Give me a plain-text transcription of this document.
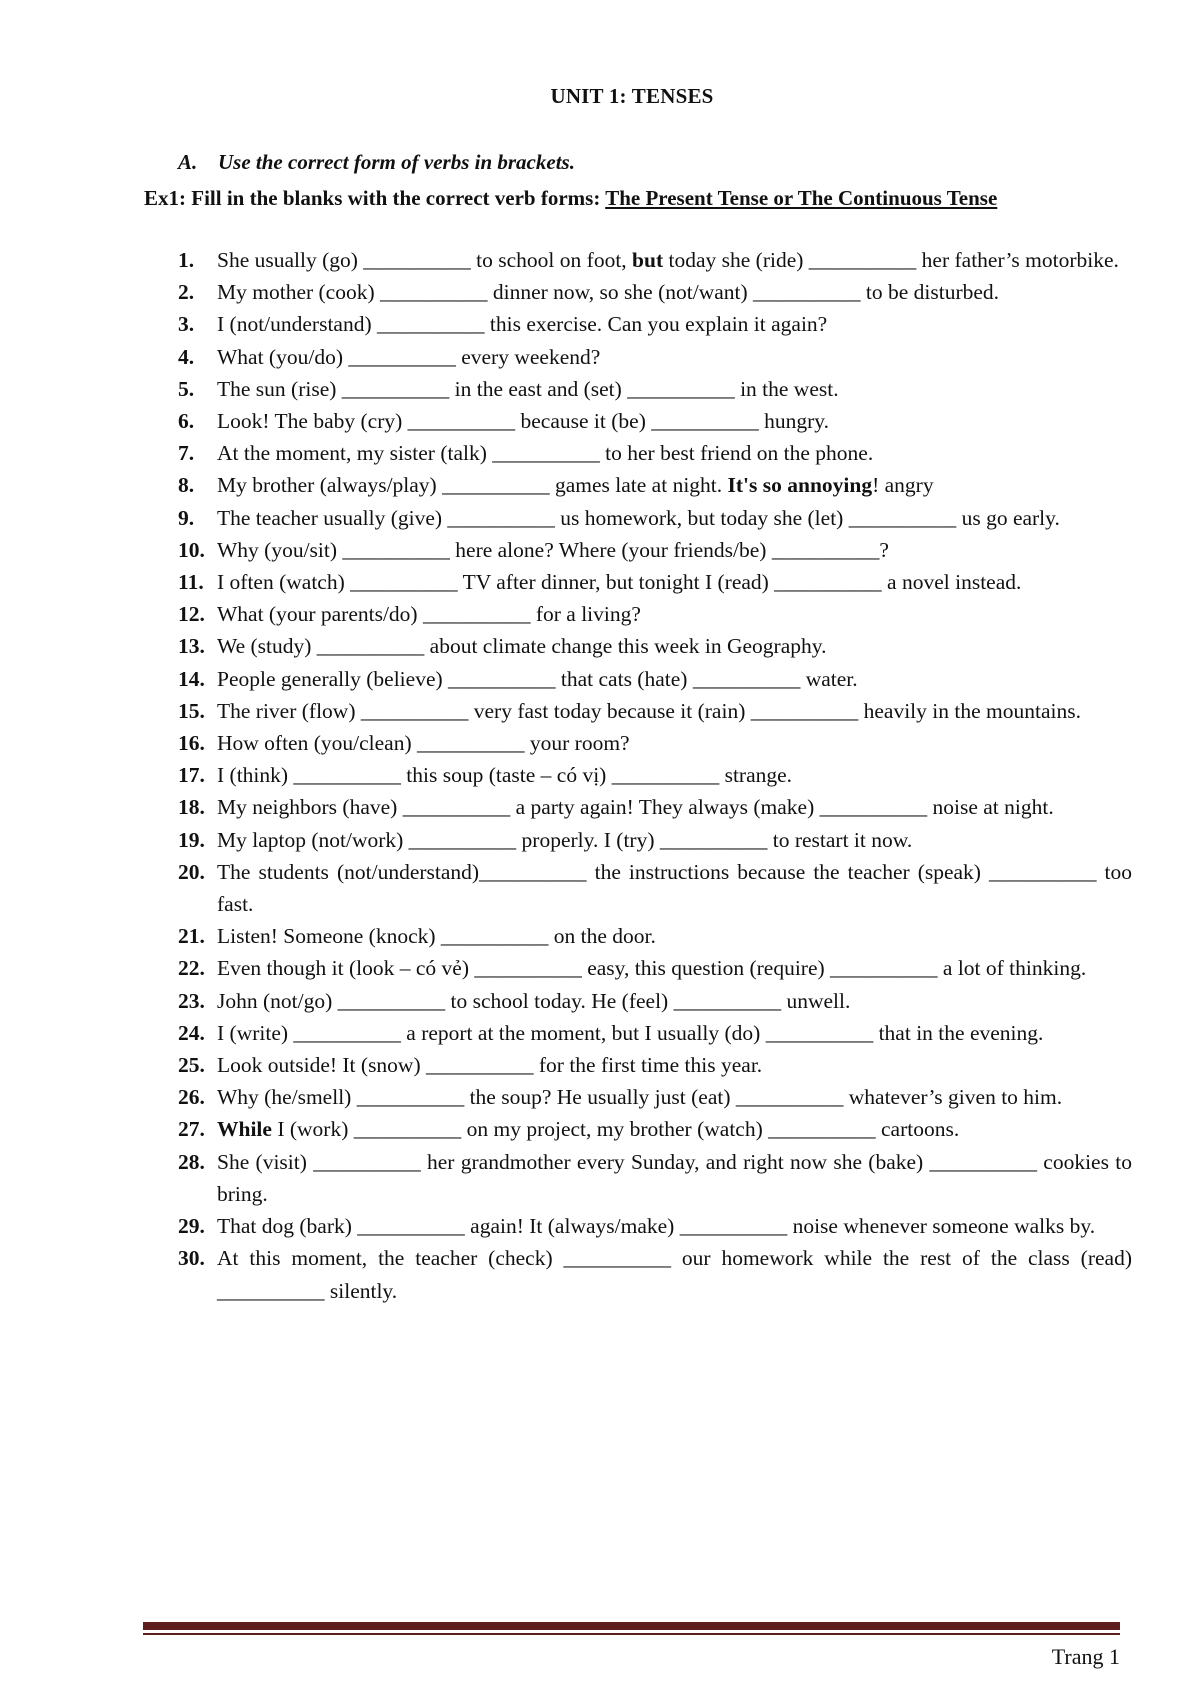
UNIT 1: TENSES
A. Use the correct form of verbs in brackets.
Ex1: Fill in the blanks with the correct verb forms: The Present Tense or The Continuous Tense
1.	She usually (go) __________ to school on foot, but today she (ride) __________ her father’s motorbike.
2.	My mother (cook) __________ dinner now, so she (not/want) __________ to be disturbed.
3.	I (not/understand) __________ this exercise. Can you explain it again?
4.	What (you/do) __________ every weekend?
5.	The sun (rise) __________ in the east and (set) __________ in the west.
6.	Look! The baby (cry) __________ because it (be) __________ hungry.
7.	At the moment, my sister (talk) __________ to her best friend on the phone.
8.	My brother (always/play) __________ games late at night. It's so annoying! angry
9.	The teacher usually (give) __________ us homework, but today she (let) __________ us go early.
10. Why (you/sit) __________ here alone? Where (your friends/be) __________?
11. I often (watch) __________ TV after dinner, but tonight I (read) __________ a novel instead.
12. What (your parents/do) __________ for a living?
13. We (study) __________ about climate change this week in Geography.
14. People generally (believe) __________ that cats (hate) __________ water.
15. The river (flow) __________ very fast today because it (rain) __________ heavily in the mountains.
16. How often (you/clean) __________ your room?
17. I (think) __________ this soup (taste – có vị) __________ strange.
18. My neighbors (have) __________ a party again! They always (make) __________ noise at night.
19. My laptop (not/work) __________ properly. I (try) __________ to restart it now.
20. The students (not/understand)__________ the instructions because the teacher (speak) __________ too fast.
21. Listen! Someone (knock) __________ on the door.
22. Even though it (look – có vẻ) __________ easy, this question (require) __________ a lot of thinking.
23. John (not/go) __________ to school today. He (feel) __________ unwell.
24. I (write) __________ a report at the moment, but I usually (do) __________ that in the evening.
25. Look outside! It (snow) __________ for the first time this year.
26. Why (he/smell) __________ the soup? He usually just (eat) __________ whatever’s given to him.
27. While I (work) __________ on my project, my brother (watch) __________ cartoons.
28. She (visit) __________ her grandmother every Sunday, and right now she (bake) __________ cookies to bring.
29. That dog (bark) __________ again! It (always/make) __________ noise whenever someone walks by.
30. At this moment, the teacher (check) __________ our homework while the rest of the class (read) __________ silently.
Trang 1
